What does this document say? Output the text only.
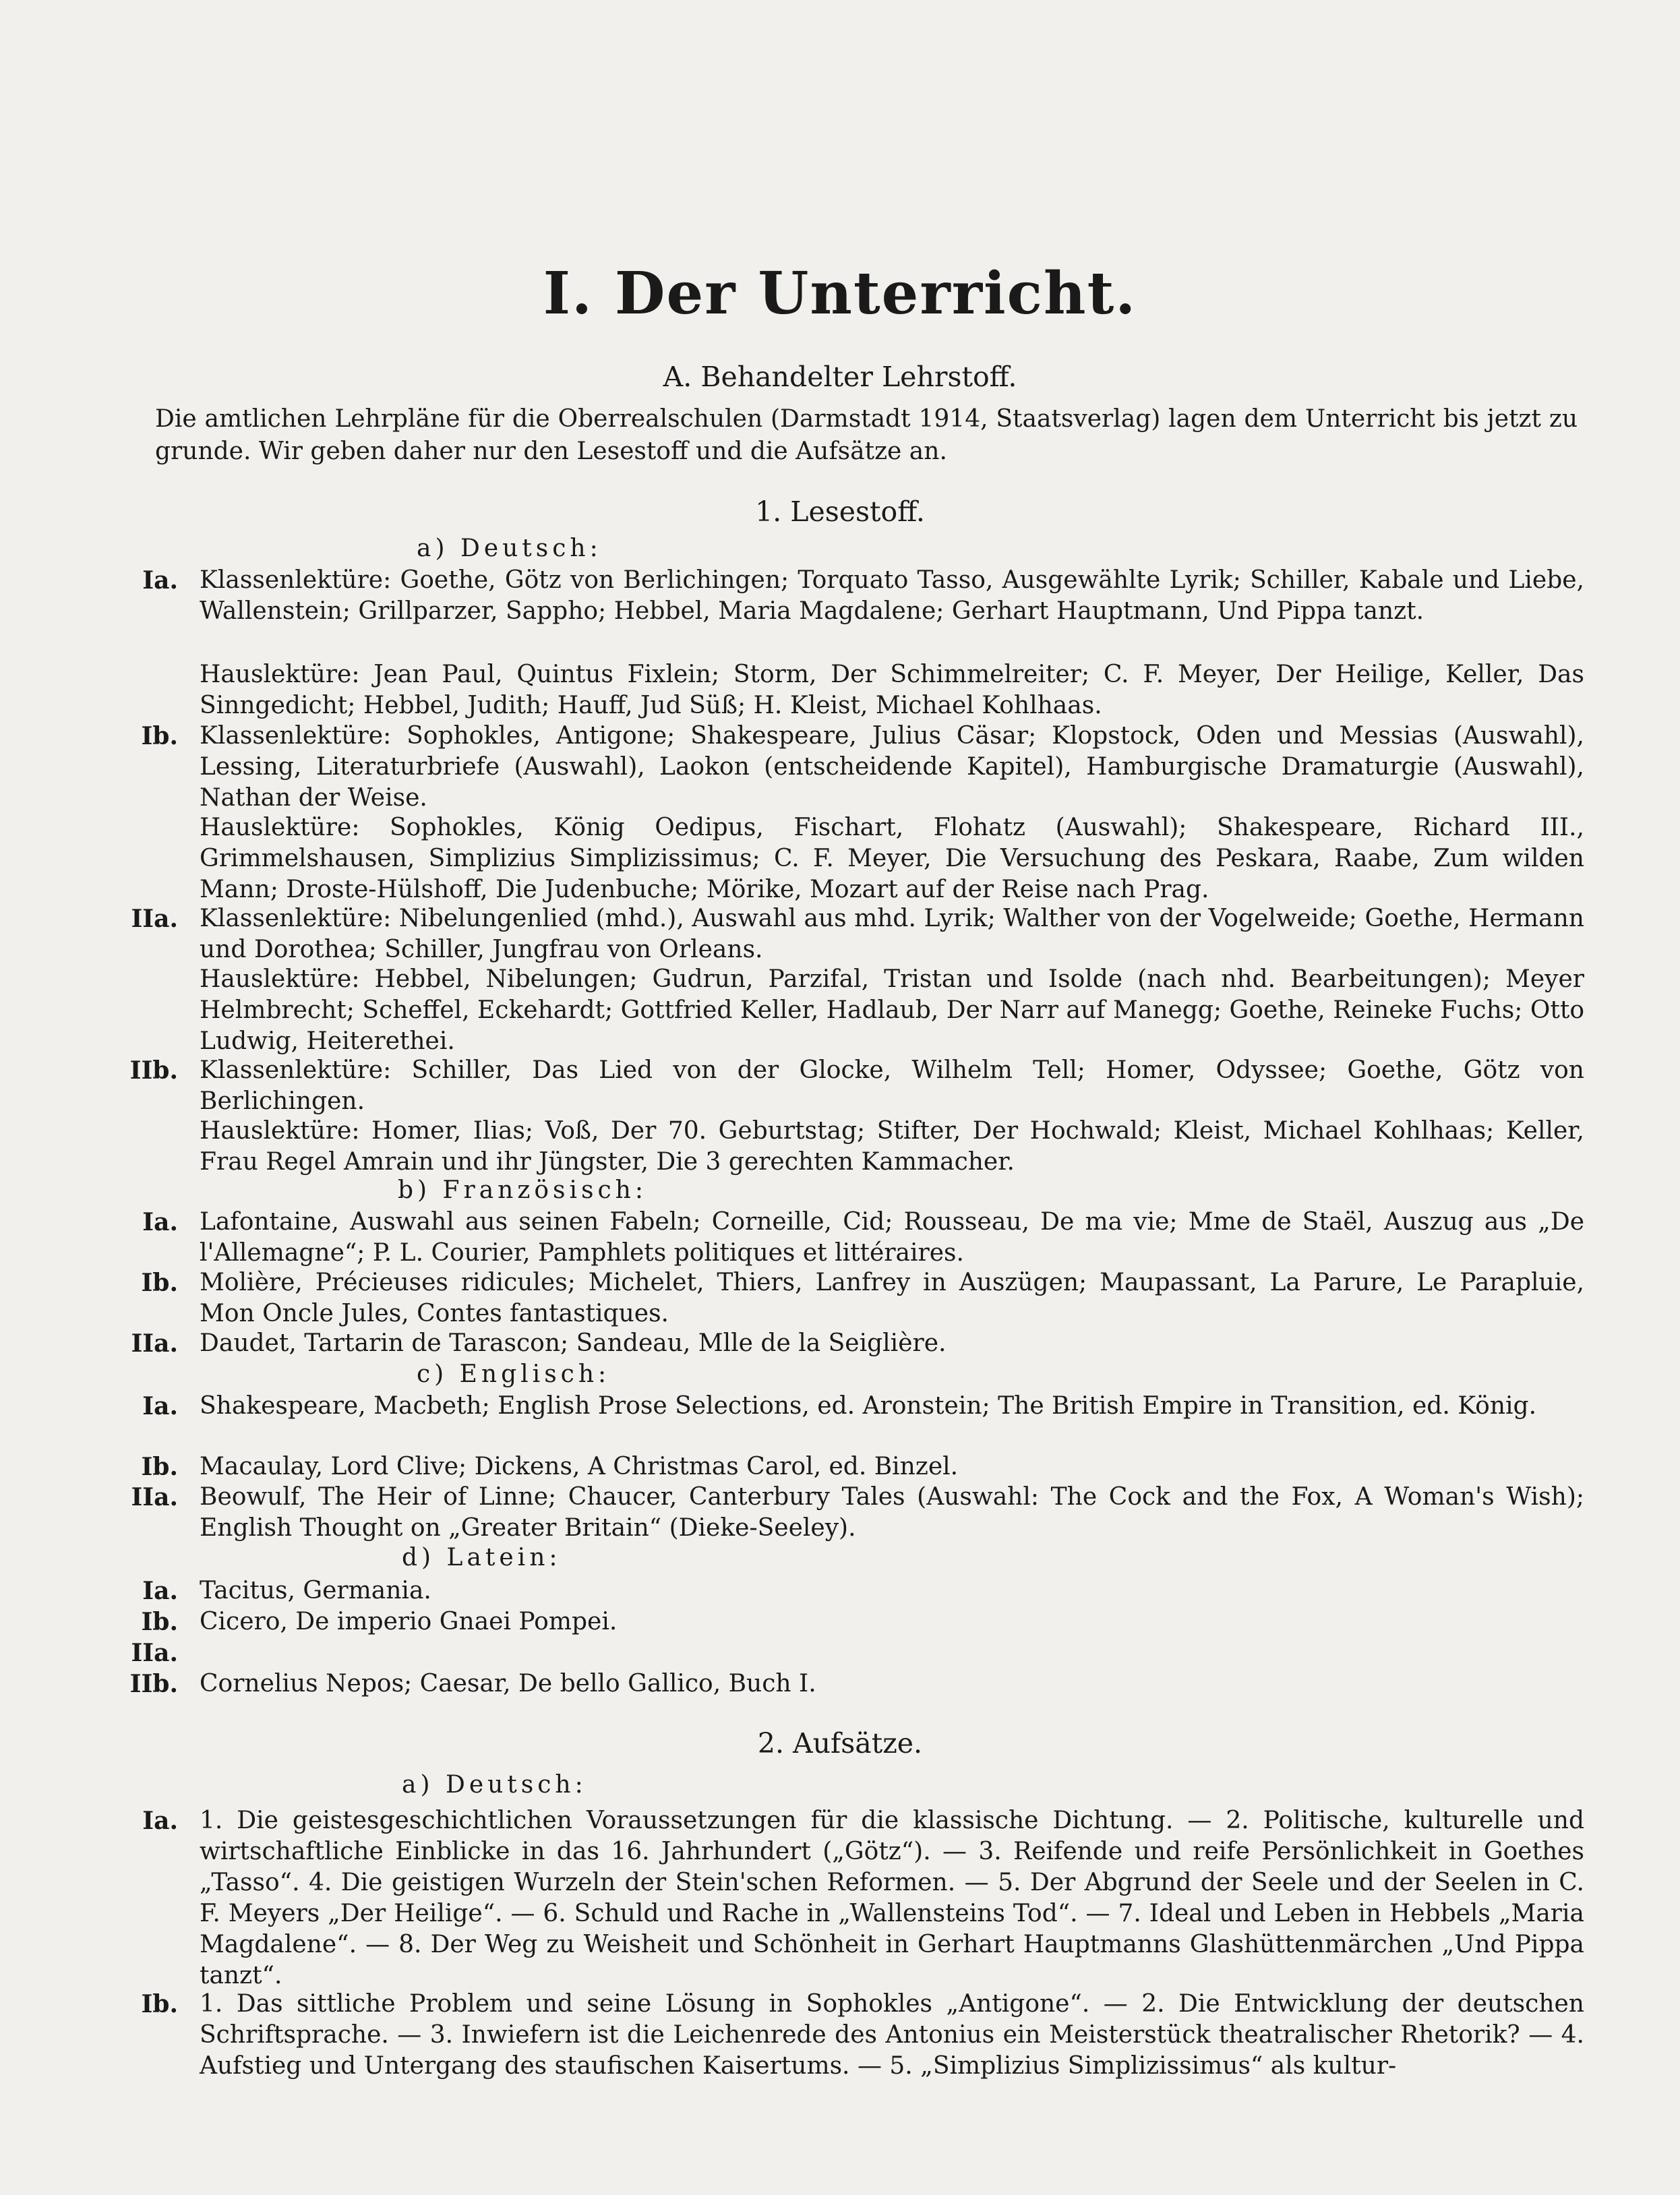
I. Der Unterricht.
A. Behandelter Lehrstoff.
Die amtlichen Lehrpläne für die Oberrealschulen (Darmstadt 1914, Staatsverlag) lagen dem Unterricht bis jetzt zu grunde. Wir geben daher nur den Lesestoff und die Aufsätze an.
1. Lesestoff.
a) Deutsch:
Ia. Klassenlektüre: Goethe, Götz von Berlichingen; Torquato Tasso, Ausgewählte Lyrik; Schiller, Kabale und Liebe, Wallenstein; Grillparzer, Sappho; Hebbel, Maria Magdalene; Gerhart Hauptmann, Und Pippa tanzt.
Hauslektüre: Jean Paul, Quintus Fixlein; Storm, Der Schimmelreiter; C. F. Meyer, Der Heilige, Keller, Das Sinngedicht; Hebbel, Judith; Hauff, Jud Süß; H. Kleist, Michael Kohlhaas.
Ib. Klassenlektüre: Sophokles, Antigone; Shakespeare, Julius Cäsar; Klopstock, Oden und Messias (Auswahl), Lessing, Literaturbriefe (Auswahl), Laokon (entscheidende Kapitel), Hamburgische Dramaturgie (Auswahl), Nathan der Weise.
Hauslektüre: Sophokles, König Oedipus, Fischart, Flohatz (Auswahl); Shakespeare, Richard III., Grimmelshausen, Simplizius Simplizissimus; C. F. Meyer, Die Versuchung des Peskara, Raabe, Zum wilden Mann; Droste-Hülshoff, Die Judenbuche; Mörike, Mozart auf der Reise nach Prag.
IIa. Klassenlektüre: Nibelungenlied (mhd.), Auswahl aus mhd. Lyrik; Walther von der Vogelweide; Goethe, Hermann und Dorothea; Schiller, Jungfrau von Orleans.
Hauslektüre: Hebbel, Nibelungen; Gudrun, Parzifal, Tristan und Isolde (nach nhd. Bearbeitungen); Meyer Helmbrecht; Scheffel, Eckehardt; Gottfried Keller, Hadlaub, Der Narr auf Manegg; Goethe, Reineke Fuchs; Otto Ludwig, Heiterethei.
IIb. Klassenlektüre: Schiller, Das Lied von der Glocke, Wilhelm Tell; Homer, Odyssee; Goethe, Götz von Berlichingen.
Hauslektüre: Homer, Ilias; Voß, Der 70. Geburtstag; Stifter, Der Hochwald; Kleist, Michael Kohlhaas; Keller, Frau Regel Amrain und ihr Jüngster, Die 3 gerechten Kammacher.
b) Französisch:
Ia. Lafontaine, Auswahl aus seinen Fabeln; Corneille, Cid; Rousseau, De ma vie; Mme de Staël, Auszug aus „De l'Allemagne“; P. L. Courier, Pamphlets politiques et littéraires.
Ib. Molière, Précieuses ridicules; Michelet, Thiers, Lanfrey in Auszügen; Maupassant, La Parure, Le Parapluie, Mon Oncle Jules, Contes fantastiques.
IIa. Daudet, Tartarin de Tarascon; Sandeau, Mlle de la Seiglière.
c) Englisch:
Ia. Shakespeare, Macbeth; English Prose Selections, ed. Aronstein; The British Empire in Transition, ed. König.
Ib. Macaulay, Lord Clive; Dickens, A Christmas Carol, ed. Binzel.
IIa. Beowulf, The Heir of Linne; Chaucer, Canterbury Tales (Auswahl: The Cock and the Fox, A Woman's Wish); English Thought on „Greater Britain“ (Dieke-Seeley).
d) Latein:
Ia. Tacitus, Germania.
Ib. Cicero, De imperio Gnaei Pompei.
IIa.
IIb. Cornelius Nepos; Caesar, De bello Gallico, Buch I.
2. Aufsätze.
a) Deutsch:
Ia. 1. Die geistesgeschichtlichen Voraussetzungen für die klassische Dichtung. — 2. Politische, kulturelle und wirtschaftliche Einblicke in das 16. Jahrhundert („Götz“). — 3. Reifende und reife Persönlichkeit in Goethes „Tasso“. 4. Die geistigen Wurzeln der Stein'schen Reformen. — 5. Der Abgrund der Seele und der Seelen in C. F. Meyers „Der Heilige“. — 6. Schuld und Rache in „Wallensteins Tod“. — 7. Ideal und Leben in Hebbels „Maria Magdalene“. — 8. Der Weg zu Weisheit und Schönheit in Gerhart Hauptmanns Glashüttenmärchen „Und Pippa tanzt“.
Ib. 1. Das sittliche Problem und seine Lösung in Sophokles „Antigone“. — 2. Die Entwicklung der deutschen Schriftsprache. — 3. Inwiefern ist die Leichenrede des Antonius ein Meisterstück theatralischer Rhetorik? — 4. Aufstieg und Untergang des staufischen Kaisertums. — 5. „Simplizius Simplizissimus“ als kultur-
